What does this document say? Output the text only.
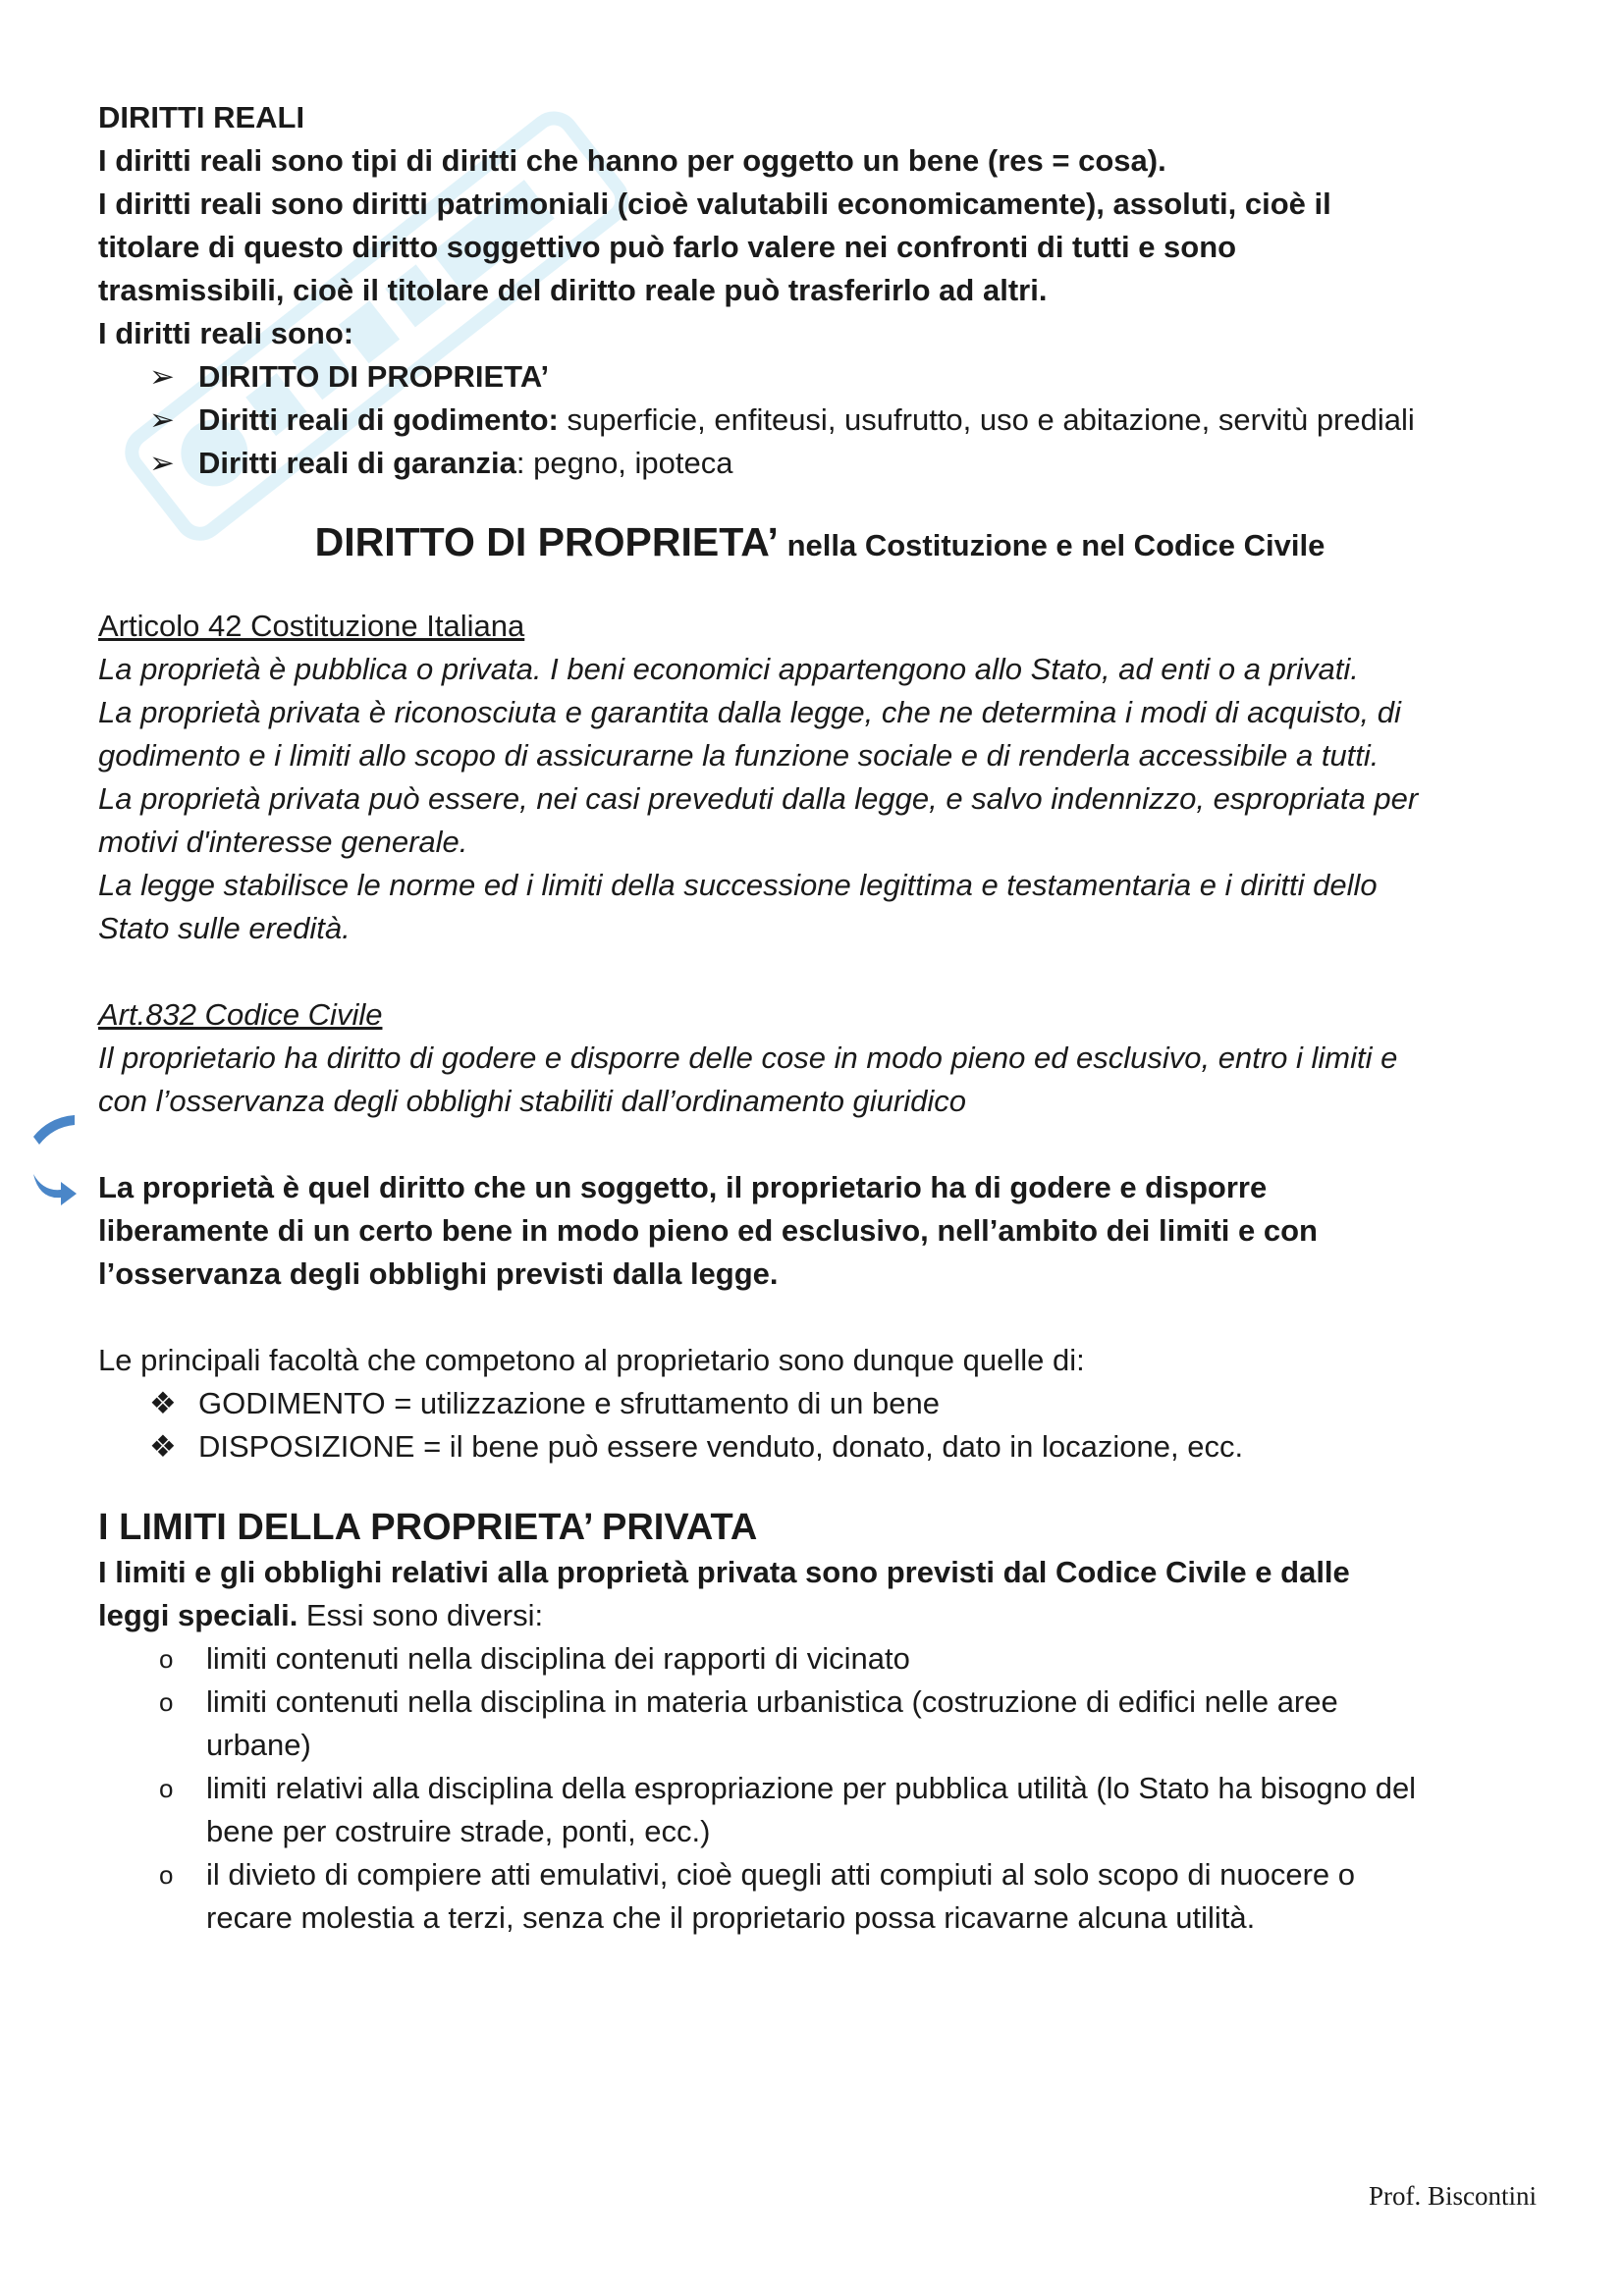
DIRITTI REALI

I diritti reali sono tipi di diritti che hanno per oggetto un bene (res = cosa).

I diritti reali sono diritti patrimoniali (cioè valutabili economicamente), assoluti, cioè il

titolare di questo diritto soggettivo può farlo valere nei confronti di tutti e sono

trasmissibili, cioè il titolare del diritto reale può trasferirlo ad altri.

I diritti reali sono:

➢ DIRITTO DI PROPRIETA’
➢ Diritti reali di godimento: superficie, enfiteusi, usufrutto, uso e abitazione, servitù prediali
➢ Diritti reali di garanzia: pegno, ipoteca
DIRITTO DI PROPRIETA’ nella Costituzione e nel Codice Civile

Articolo 42 Costituzione Italiana

La proprietà è pubblica o privata. I beni economici appartengono allo Stato, ad enti o a privati.

La proprietà privata è riconosciuta e garantita dalla legge, che ne determina i modi di acquisto, di

godimento e i limiti allo scopo di assicurarne la funzione sociale e di renderla accessibile a tutti.

La proprietà privata può essere, nei casi preveduti dalla legge, e salvo indennizzo, espropriata per

motivi d'interesse generale.

La legge stabilisce le norme ed i limiti della successione legittima e testamentaria e i diritti dello

Stato sulle eredità.

Art.832 Codice Civile

Il proprietario ha diritto di godere e disporre delle cose in modo pieno ed esclusivo, entro i limiti e

con l’osservanza degli obblighi stabiliti dall’ordinamento giuridico

La proprietà è quel diritto che un soggetto, il proprietario ha di godere e disporre

liberamente di un certo bene in modo pieno ed esclusivo, nell’ambito dei limiti e con

l’osservanza degli obblighi previsti dalla legge.

Le principali facoltà che competono al proprietario sono dunque quelle di:

❖ GODIMENTO = utilizzazione e sfruttamento di un bene
❖ DISPOSIZIONE = il bene può essere venduto, donato, dato in locazione, ecc.

I LIMITI DELLA PROPRIETA’ PRIVATA

I limiti e gli obblighi relativi alla proprietà privata sono previsti dal Codice Civile e dalle

leggi speciali. Essi sono diversi:

o limiti contenuti nella disciplina dei rapporti di vicinato
o limiti contenuti nella disciplina in materia urbanistica (costruzione di edifici nelle aree
urbane)
o limiti relativi alla disciplina della espropriazione per pubblica utilità (lo Stato ha bisogno del
bene per costruire strade, ponti, ecc.)
o il divieto di compiere atti emulativi, cioè quegli atti compiuti al solo scopo di nuocere o
recare molestia a terzi, senza che il proprietario possa ricavarne alcuna utilità.
Prof. Biscontini
